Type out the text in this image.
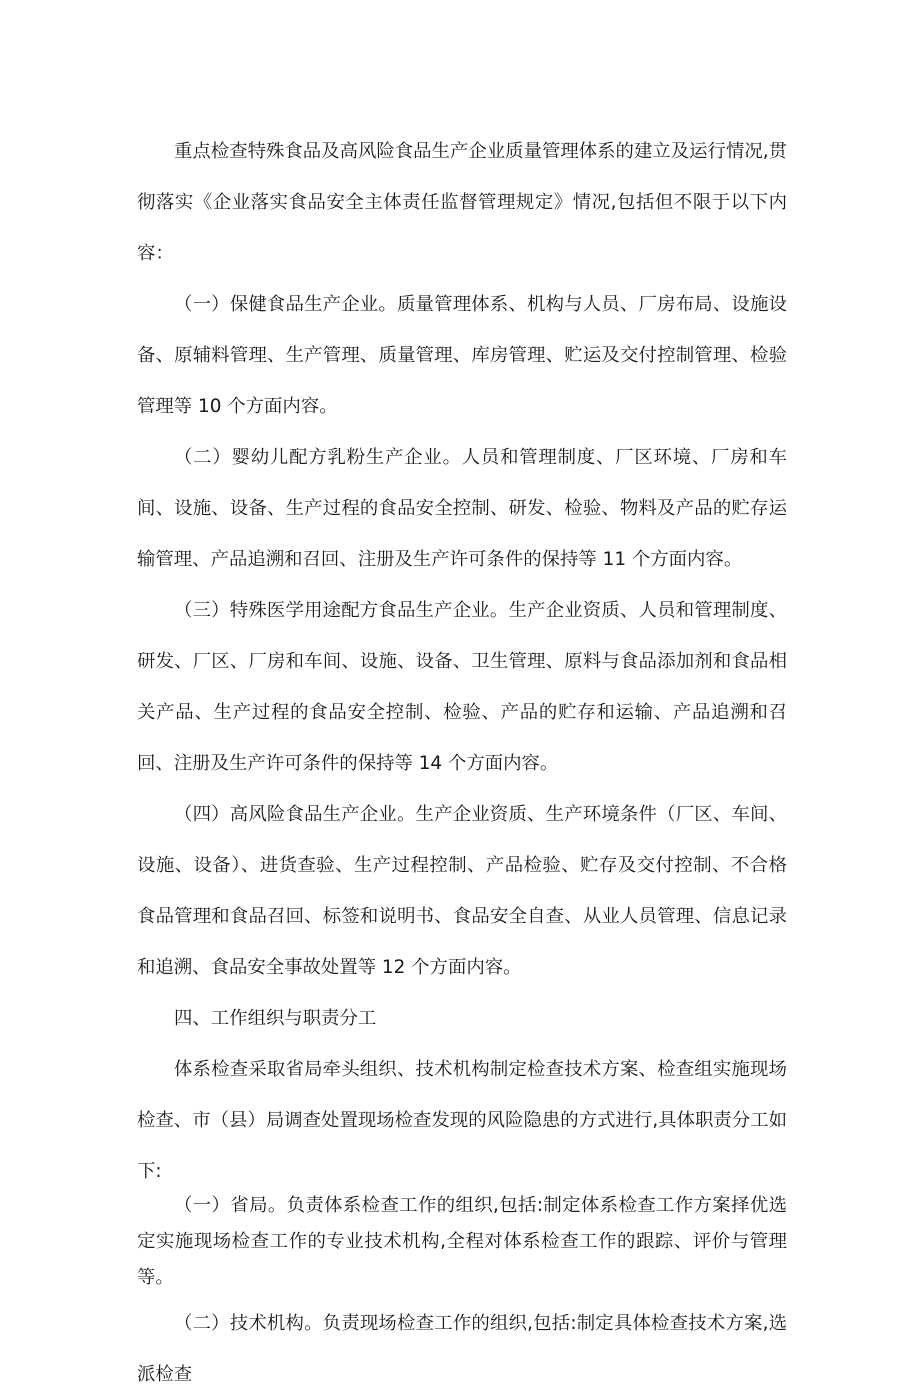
重点检查特殊食品及高风险食品生产企业质量管理体系的建立及运行情况,贯彻落实《企业落实食品安全主体责任监督管理规定》情况,包括但不限于以下内容：

（一）保健食品生产企业。质量管理体系、机构与人员、厂房布局、设施设备、原辅料管理、生产管理、质量管理、库房管理、贮运及交付控制管理、检验管理等 10 个方面内容。

（二）婴幼儿配方乳粉生产企业。人员和管理制度、厂区环境、厂房和车间、设施、设备、生产过程的食品安全控制、研发、检验、物料及产品的贮存运输管理、产品追溯和召回、注册及生产许可条件的保持等 11 个方面内容。

（三）特殊医学用途配方食品生产企业。生产企业资质、人员和管理制度、研发、厂区、厂房和车间、设施、设备、卫生管理、原料与食品添加剂和食品相关产品、生产过程的食品安全控制、检验、产品的贮存和运输、产品追溯和召回、注册及生产许可条件的保持等 14 个方面内容。

（四）高风险食品生产企业。生产企业资质、生产环境条件（厂区、车间、设施、设备）、进货查验、生产过程控制、产品检验、贮存及交付控制、不合格食品管理和食品召回、标签和说明书、食品安全自查、从业人员管理、信息记录和追溯、食品安全事故处置等 12 个方面内容。

四、工作组织与职责分工

体系检查采取省局牵头组织、技术机构制定检查技术方案、检查组实施现场检查、市（县）局调查处置现场检查发现的风险隐患的方式进行,具体职责分工如下:

（一）省局。负责体系检查工作的组织,包括:制定体系检查工作方案择优选定实施现场检查工作的专业技术机构,全程对体系检查工作的跟踪、评价与管理等。

（二）技术机构。负责现场检查工作的组织,包括:制定具体检查技术方案,选派检查
